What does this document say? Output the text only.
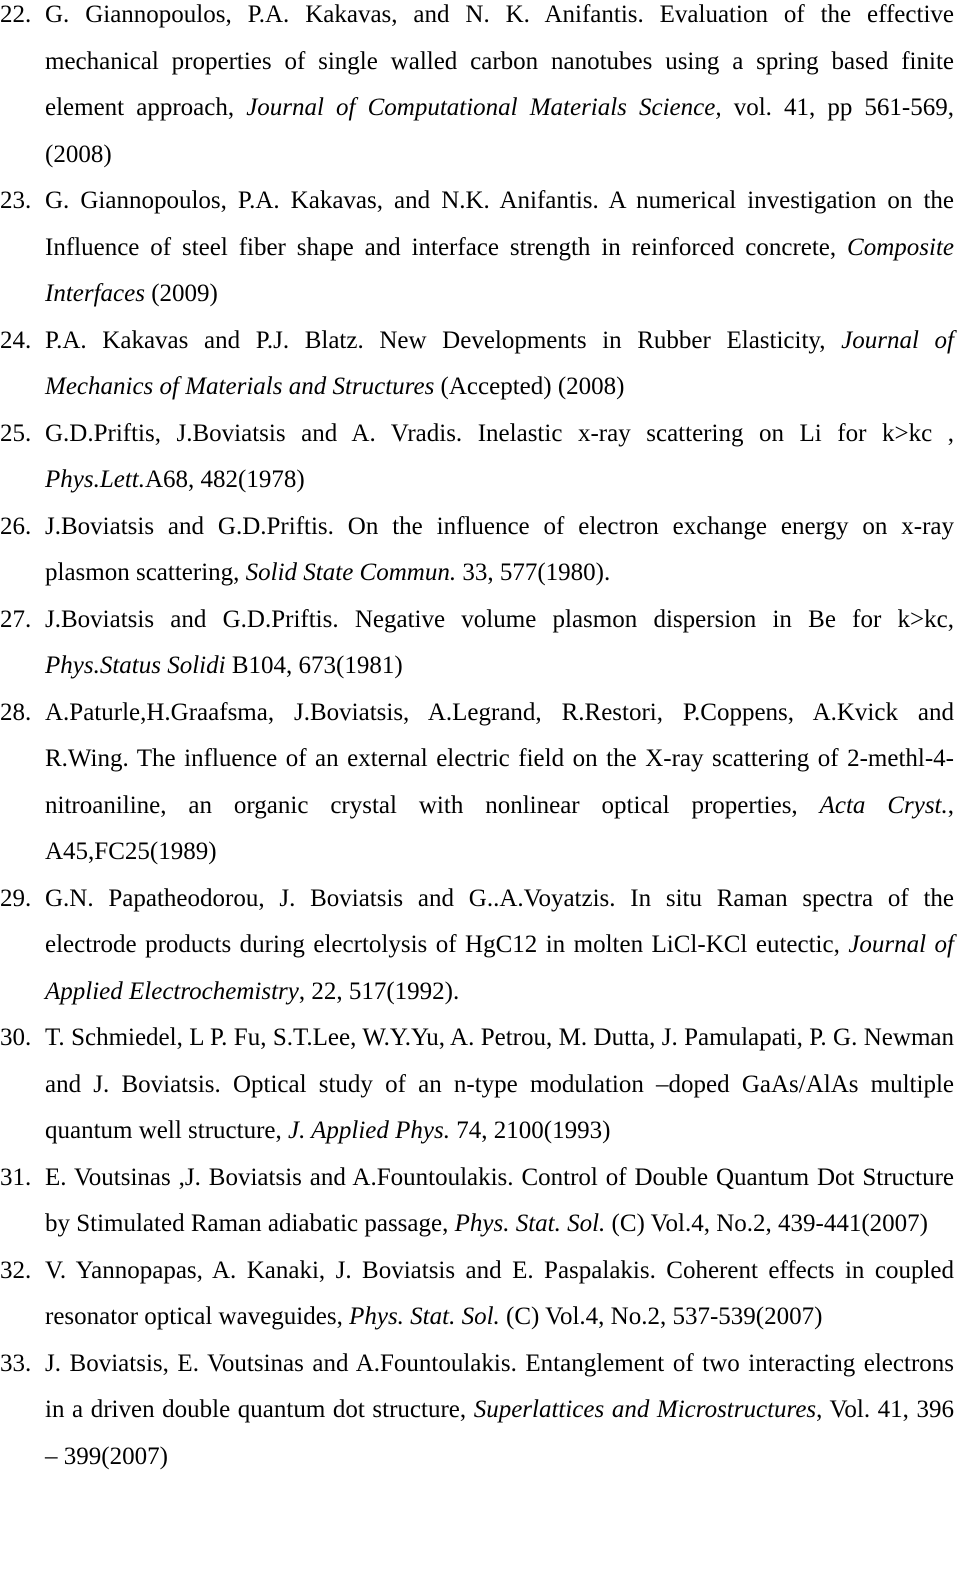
22. G. Giannopoulos, P.A. Kakavas, and N. K. Anifantis. Evaluation of the effective mechanical properties of single walled carbon nanotubes using a spring based finite element approach, Journal of Computational Materials Science, vol. 41, pp 561-569, (2008)
23. G. Giannopoulos, P.A. Kakavas, and N.K. Anifantis. A numerical investigation on the Influence of steel fiber shape and interface strength in reinforced concrete, Composite Interfaces (2009)
24. P.A. Kakavas and P.J. Blatz. New Developments in Rubber Elasticity, Journal of Mechanics of Materials and Structures (Accepted) (2008)
25. G.D.Priftis, J.Boviatsis and A. Vradis. Inelastic x-ray scattering on Li for k>kc , Phys.Lett.A68, 482(1978)
26. J.Boviatsis and G.D.Priftis. On the influence of electron exchange energy on x-ray plasmon scattering, Solid State Commun. 33, 577(1980).
27. J.Boviatsis and G.D.Priftis. Negative volume plasmon dispersion in Be for k>kc, Phys.Status Solidi B104, 673(1981)
28. A.Paturle,H.Graafsma, J.Boviatsis, A.Legrand, R.Restori, P.Coppens, A.Kvick and R.Wing. The influence of an external electric field on the X-ray scattering of 2-methl-4- nitroaniline, an organic crystal with nonlinear optical properties, Acta Cryst., A45,FC25(1989)
29. G.N. Papatheodorou, J. Boviatsis and G..A.Voyatzis. In situ Raman spectra of the electrode products during elecrtolysis of HgC12 in molten LiCl-KCl eutectic, Journal of Applied Electrochemistry, 22, 517(1992).
30. T. Schmiedel, L P. Fu, S.T.Lee, W.Y.Yu, A. Petrou, M. Dutta, J. Pamulapati, P. G. Newman and J. Boviatsis. Optical study of an n-type modulation –doped GaAs/AlAs multiple quantum well structure, J. Applied Phys. 74, 2100(1993)
31. E. Voutsinas ,J. Boviatsis and A.Fountoulakis. Control of Double Quantum Dot Structure by Stimulated Raman adiabatic passage, Phys. Stat. Sol. (C) Vol.4, No.2, 439-441(2007)
32. V. Yannopapas, A. Kanaki, J. Boviatsis and E. Paspalakis. Coherent effects in coupled resonator optical waveguides, Phys. Stat. Sol. (C) Vol.4, No.2, 537-539(2007)
33. J. Boviatsis, E. Voutsinas and A.Fountoulakis. Entanglement of two interacting electrons in a driven double quantum dot structure, Superlattices and Microstructures, Vol. 41, 396 – 399(2007)
